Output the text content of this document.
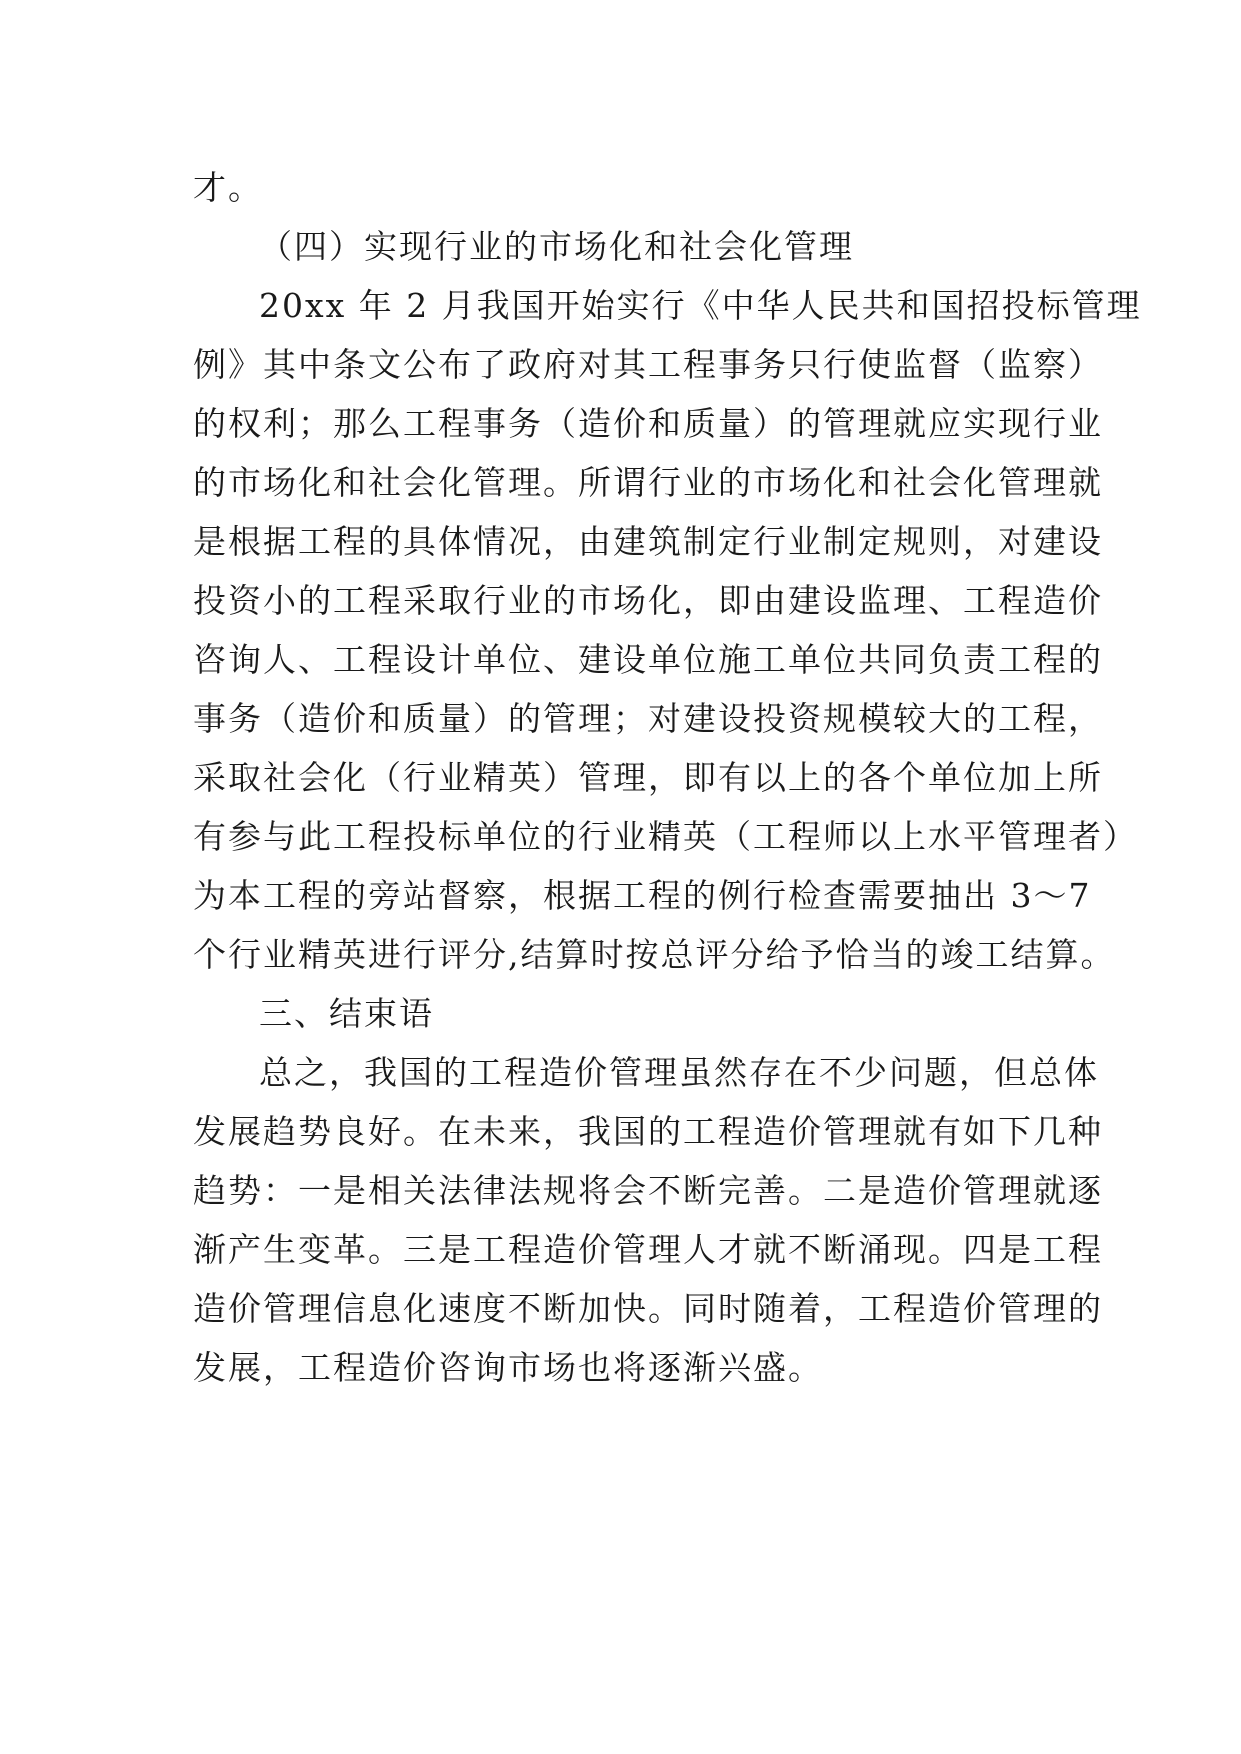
才。
（四）实现行业的市场化和社会化管理
20xx 年 2 月我国开始实行《中华人民共和国招投标管理
例》其中条文公布了政府对其工程事务只行使监督（监察）
的权利；那么工程事务（造价和质量）的管理就应实现行业
的市场化和社会化管理。所谓行业的市场化和社会化管理就
是根据工程的具体情况，由建筑制定行业制定规则，对建设
投资小的工程采取行业的市场化，即由建设监理、工程造价
咨询人、工程设计单位、建设单位施工单位共同负责工程的
事务（造价和质量）的管理；对建设投资规模较大的工程，
采取社会化（行业精英）管理，即有以上的各个单位加上所
有参与此工程投标单位的行业精英（工程师以上水平管理者）
为本工程的旁站督察，根据工程的例行检查需要抽出 3～7
个行业精英进行评分,结算时按总评分给予恰当的竣工结算。
三、结束语
总之，我国的工程造价管理虽然存在不少问题，但总体
发展趋势良好。在未来，我国的工程造价管理就有如下几种
趋势：一是相关法律法规将会不断完善。二是造价管理就逐
渐产生变革。三是工程造价管理人才就不断涌现。四是工程
造价管理信息化速度不断加快。同时随着，工程造价管理的
发展，工程造价咨询市场也将逐渐兴盛。
